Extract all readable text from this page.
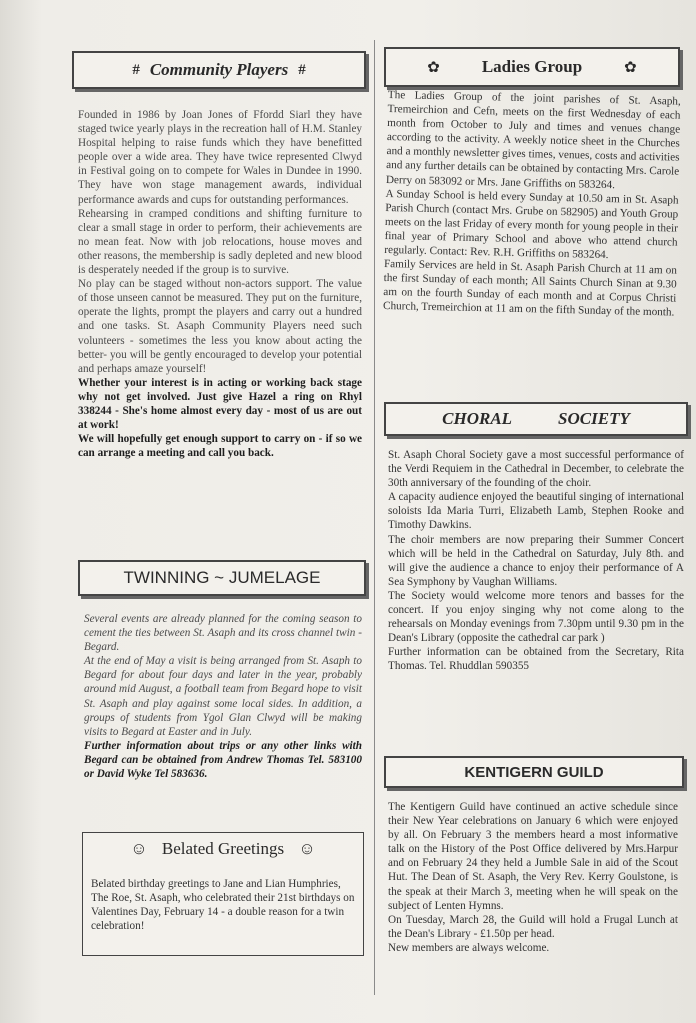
# Community Players #

Founded in 1986 by Joan Jones of Ffordd Siarl they have staged twice yearly plays in the recreation hall of H.M. Stanley Hospital helping to raise funds which they have benefitted people over a wide area. They have twice represented Clwyd in Festival going on to compete for Wales in Dundee in 1990. They have won stage management awards, individual performance awards and cups for outstanding performances.

Rehearsing in cramped conditions and shifting furniture to clear a small stage in order to perform, their achievements are no mean feat. Now with job relocations, house moves and other reasons, the membership is sadly depleted and new blood is desperately needed if the group is to survive.

No play can be staged without non-actors support. The value of those unseen cannot be measured. They put on the furniture, operate the lights, prompt the players and carry out a hundred and one tasks. St. Asaph Community Players need such volunteers - sometimes the less you know about acting the better- you will be gently encouraged to develop your potential and perhaps amaze yourself!

Whether your interest is in acting or working back stage why not get involved. Just give Hazel a ring on Rhyl 338244 - She's home almost every day - most of us are out at work!

We will hopefully get enough support to carry on - if so we can arrange a meeting and call you back.

TWINNING ~ JUMELAGE

Several events are already planned for the coming season to cement the ties between St. Asaph and its cross channel twin - Begard.

At the end of May a visit is being arranged from St. Asaph to Begard for about four days and later in the year, probably around mid August, a football team from Begard hope to visit St. Asaph and play against some local sides. In addition, a groups of students from Ygol Glan Clwyd will be making visits to Begard at Easter and in July.

Further information about trips or any other links with Begard can be obtained from Andrew Thomas Tel. 583100 or David Wyke Tel 583636.

☺ Belated Greetings ☺
Belated birthday greetings to Jane and Lian Humphries, The Roe, St. Asaph, who celebrated their 21st birthdays on Valentines Day, February 14 - a double reason for a twin celebration!
✿ Ladies Group	✿

The Ladies Group of the joint parishes of St. Asaph, Tremeirchion and Cefn, meets on the first Wednesday of each month from October to July and times and venues change according to the activity. A weekly notice sheet in the Churches and a monthly newsletter gives times, venues, costs and activities and any further details can be obtained by contacting Mrs. Carole Derry on 583092 or Mrs. Jane Griffiths on 583264.

A Sunday School is held every Sunday at 10.50 am in St. Asaph Parish Church (contact Mrs. Grube on 582905) and Youth Group meets on the last Friday of every month for young people in their final year of Primary School and above who attend church regularly. Contact: Rev. R.H. Griffiths on 583264.

Family Services are held in St. Asaph Parish Church at 11 am on the first Sunday of each month; All Saints Church Sinan at 9.30 am on the fourth Sunday of each month and at Corpus Christi Church, Tremeirchion at 11 am on the fifth Sunday of the month.

CHORAL	SOCIETY

St. Asaph Choral Society gave a most successful performance of the Verdi Requiem in the Cathedral in December, to celebrate the 30th anniversary of the founding of the choir.

A capacity audience enjoyed the beautiful singing of international soloists Ida Maria Turri, Elizabeth Lamb, Stephen Rooke and Timothy Dawkins.

The choir members are now preparing their Summer Concert which will be held in the Cathedral on Saturday, July 8th. and will give the audience a chance to enjoy their performance of A Sea Symphony by Vaughan Williams.

The Society would welcome more tenors and basses for the concert. If you enjoy singing why not come along to the rehearsals on Monday evenings from 7.30pm until 9.30 pm in the Dean's Library (opposite the cathedral car park )

Further information can be obtained from the Secretary, Rita Thomas. Tel. Rhuddlan 590355

KENTIGERN GUILD

The Kentigern Guild have continued an active schedule since their New Year celebrations on January 6 which were enjoyed by all. On February 3 the members heard a most informative talk on the History of the Post Office delivered by Mrs.Harpur and on February 24 they held a Jumble Sale in aid of the Scout Hut. The Dean of St. Asaph, the Very Rev. Kerry Goulstone, is the speak at their March 3, meeting when he will speak on the subject of Lenten Hymns.

On Tuesday, March 28, the Guild will hold a Frugal Lunch at the Dean's Library - £1.50p per head.

New members are always welcome.
